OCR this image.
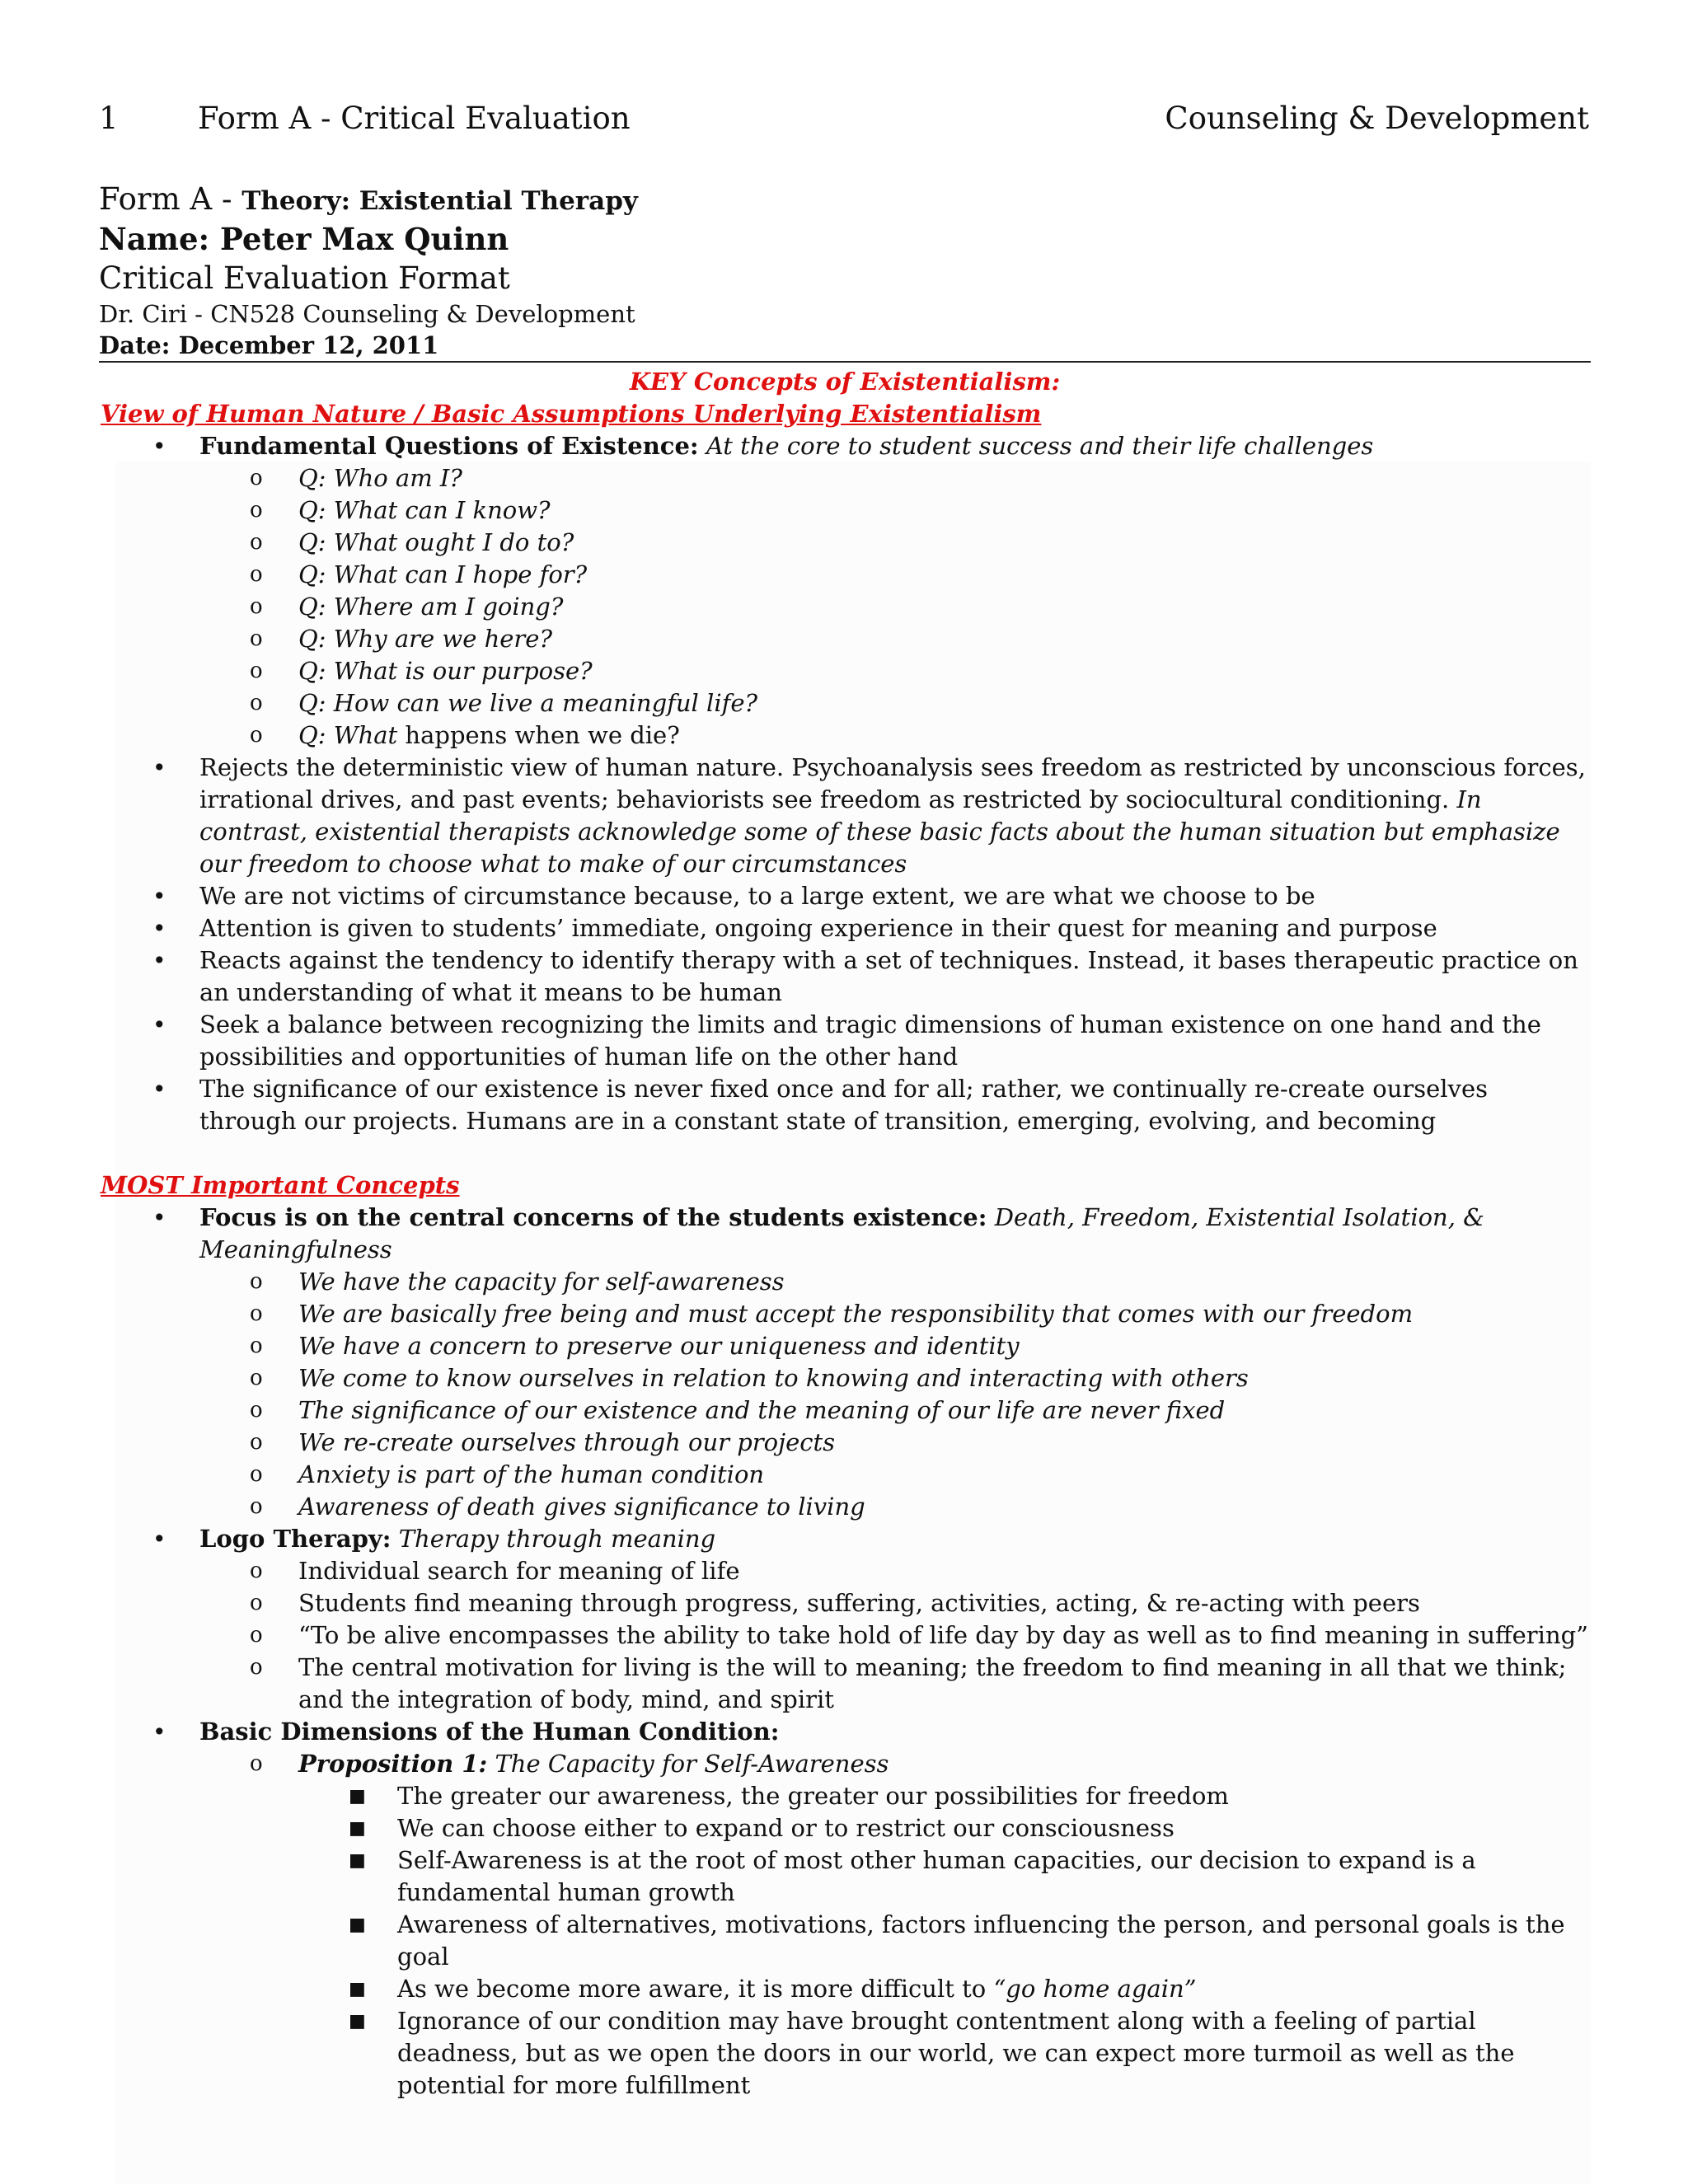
1	Form A - Critical Evaluation	Counseling & Development
Form A - Theory: Existential Therapy
Name: Peter Max Quinn
Critical Evaluation Format
Dr. Ciri - CN528 Counseling & Development
Date: December 12, 2011
KEY Concepts of Existentialism:
View of Human Nature / Basic Assumptions Underlying Existentialism
• Fundamental Questions of Existence: At the core to student success and their life challenges
o Q: Who am I?
o Q: What can I know?
o Q: What ought I do to?
o Q: What can I hope for?
o Q: Where am I going?
o Q: Why are we here?
o Q: What is our purpose?
o Q: How can we live a meaningful life?
o Q: What happens when we die?
• Rejects the deterministic view of human nature. Psychoanalysis sees freedom as restricted by unconscious forces, irrational drives, and past events; behaviorists see freedom as restricted by sociocultural conditioning. In contrast, existential therapists acknowledge some of these basic facts about the human situation but emphasize our freedom to choose what to make of our circumstances
• We are not victims of circumstance because, to a large extent, we are what we choose to be
• Attention is given to students’ immediate, ongoing experience in their quest for meaning and purpose
• Reacts against the tendency to identify therapy with a set of techniques. Instead, it bases therapeutic practice on an understanding of what it means to be human
• Seek a balance between recognizing the limits and tragic dimensions of human existence on one hand and the possibilities and opportunities of human life on the other hand
• The significance of our existence is never fixed once and for all; rather, we continually re-create ourselves through our projects. Humans are in a constant state of transition, emerging, evolving, and becoming
MOST Important Concepts
• Focus is on the central concerns of the students existence: Death, Freedom, Existential Isolation, & Meaningfulness
o We have the capacity for self-awareness
o We are basically free being and must accept the responsibility that comes with our freedom
o We have a concern to preserve our uniqueness and identity
o We come to know ourselves in relation to knowing and interacting with others
o The significance of our existence and the meaning of our life are never fixed
o We re-create ourselves through our projects
o Anxiety is part of the human condition
o Awareness of death gives significance to living
• Logo Therapy: Therapy through meaning
o Individual search for meaning of life
o Students find meaning through progress, suffering, activities, acting, & re-acting with peers
o “To be alive encompasses the ability to take hold of life day by day as well as to find meaning in suffering”
o The central motivation for living is the will to meaning; the freedom to find meaning in all that we think; and the integration of body, mind, and spirit
• Basic Dimensions of the Human Condition:
o Proposition 1: The Capacity for Self-Awareness
■ The greater our awareness, the greater our possibilities for freedom
■ We can choose either to expand or to restrict our consciousness
■ Self-Awareness is at the root of most other human capacities, our decision to expand is a fundamental human growth
■ Awareness of alternatives, motivations, factors influencing the person, and personal goals is the goal
■ As we become more aware, it is more difficult to “go home again”
■ Ignorance of our condition may have brought contentment along with a feeling of partial deadness, but as we open the doors in our world, we can expect more turmoil as well as the potential for more fulfillment
